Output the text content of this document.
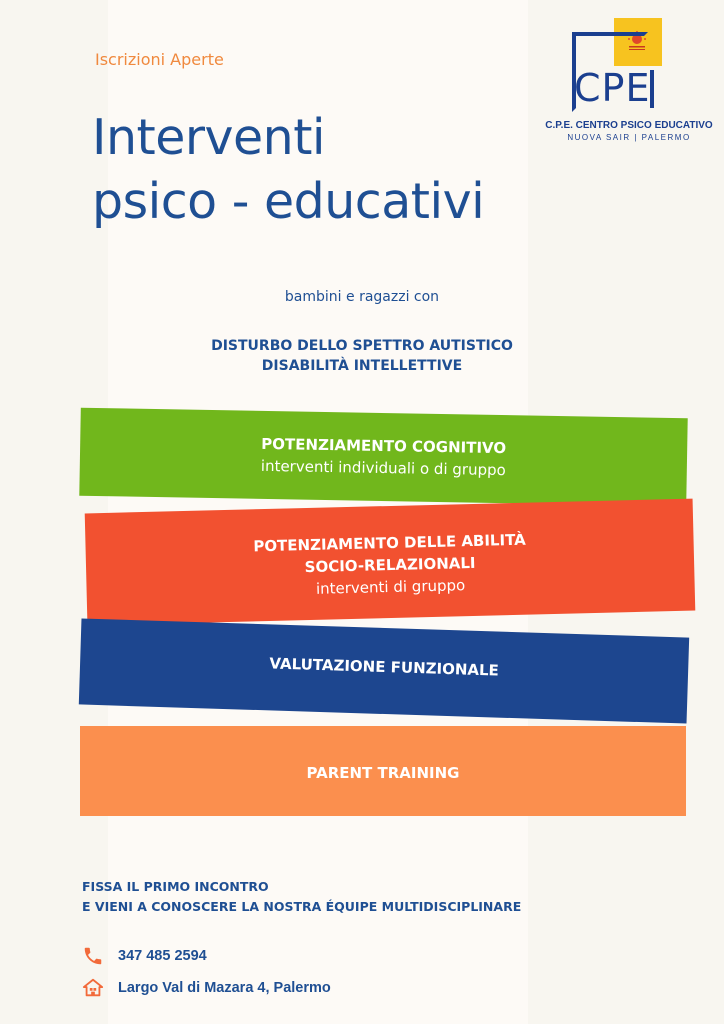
Iscrizioni Aperte
Interventi
psico - educativi
CPE
C.P.E. CENTRO PSICO EDUCATIVO
NUOVA SAIR | PALERMO
bambini e ragazzi con
DISTURBO DELLO SPETTRO AUTISTICO
DISABILITÀ INTELLETTIVE
POTENZIAMENTO COGNITIVO
interventi individuali o di gruppo
POTENZIAMENTO DELLE ABILITÀ
SOCIO-RELAZIONALI
interventi di gruppo
VALUTAZIONE FUNZIONALE
PARENT TRAINING
FISSA IL PRIMO INCONTRO
E VIENI A CONOSCERE LA NOSTRA ÉQUIPE MULTIDISCIPLINARE
347 485 2594
Largo Val di Mazara 4, Palermo
